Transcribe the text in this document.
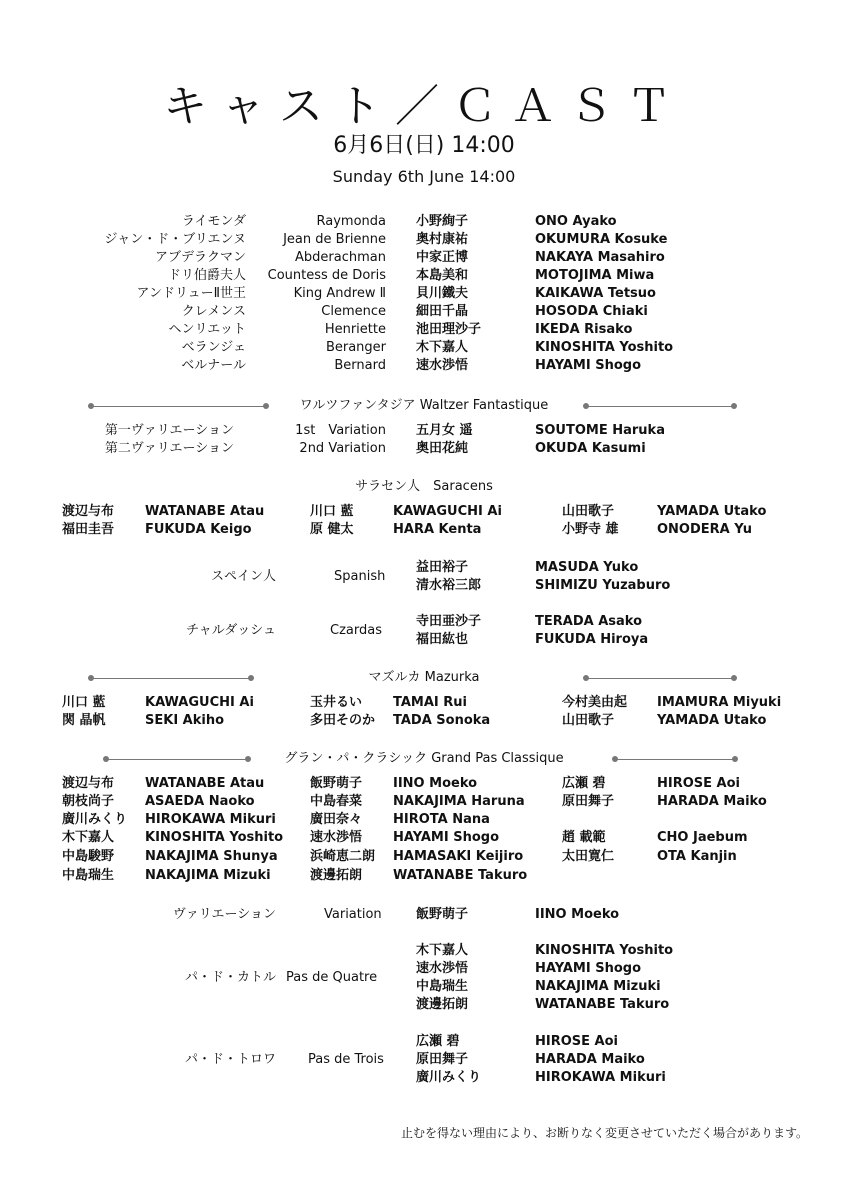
キャスト／ＣＡＳＴ
6月6日(日) 14:00
Sunday 6th June 14:00
ライモンダ	Raymonda 小野絢子	ONO Ayako
ジャン・ド・ブリエンヌ	Jean de Brienne 奥村康祐	OKUMURA Kosuke
アブデラクマン	Abderachman 中家正博	NAKAYA Masahiro
ドリ伯爵夫人 Countess de Doris 本島美和	MOTOJIMA Miwa
アンドリューⅡ世王	King Andrew Ⅱ 貝川鐵夫	KAIKAWA Tetsuo
クレメンス	Clemence 細田千晶	HOSODA Chiaki
ヘンリエット	Henriette 池田理沙子	IKEDA Risako
ベランジェ	Beranger 木下嘉人	KINOSHITA Yoshito
ベルナール	Bernard 速水渉悟	HAYAMI Shogo
ワルツファンタジア Waltzer Fantastique
第一ヴァリエーション	1st　Variation 五月女 遥	SOUTOME Haruka
第二ヴァリエーション	2nd Variation 奥田花純	OKUDA Kasumi
サラセン人　Saracens
渡辺与布 WATANABE Atau	川口 藍	KAWAGUCHI Ai	山田歌子	YAMADA Utako
福田圭吾 FUKUDA Keigo	原 健太	HARA Kenta	小野寺 雄	ONODERA Yu
スペイン人	Spanish
益田裕子	MASUDA Yuko
清水裕三郎	SHIMIZU Yuzaburo
チャルダッシュ	Czardas
寺田亜沙子	TERADA Asako
福田紘也	FUKUDA Hiroya
マズルカ Mazurka
川口 藍	KAWAGUCHI Ai	玉井るい TAMAI Rui	今村美由起 IMAMURA Miyuki
関 晶帆	SEKI Akiho	多田そのか TADA Sonoka	山田歌子	YAMADA Utako
グラン・パ・クラシック Grand Pas Classique
渡辺与布 WATANABE Atau	飯野萌子 IINO Moeko	広瀬 碧	HIROSE Aoi
朝枝尚子 ASAEDA Naoko	中島春菜 NAKAJIMA Haruna	原田舞子	HARADA Maiko
廣川みくり HIROKAWA Mikuri	廣田奈々 HIROTA Nana
木下嘉人 KINOSHITA Yoshito 速水渉悟 HAYAMI Shogo	趙 載範	CHO Jaebum
中島駿野 NAKAJIMA Shunya 浜崎恵二朗 HAMASAKI Keijiro	太田寛仁	OTA Kanjin
中島瑞生 NAKAJIMA Mizuki	渡邊拓朗 WATANABE Takuro
ヴァリエーション	Variation	飯野萌子	IINO Moeko
パ・ド・カトル Pas de Quatre
木下嘉人	KINOSHITA Yoshito
速水渉悟	HAYAMI Shogo
中島瑞生	NAKAJIMA Mizuki
渡邊拓朗	WATANABE Takuro
パ・ド・トロワ Pas de Trois
広瀬 碧	HIROSE Aoi
原田舞子	HARADA Maiko
廣川みくり	HIROKAWA Mikuri
止むを得ない理由により、お断りなく変更させていただく場合があります。
